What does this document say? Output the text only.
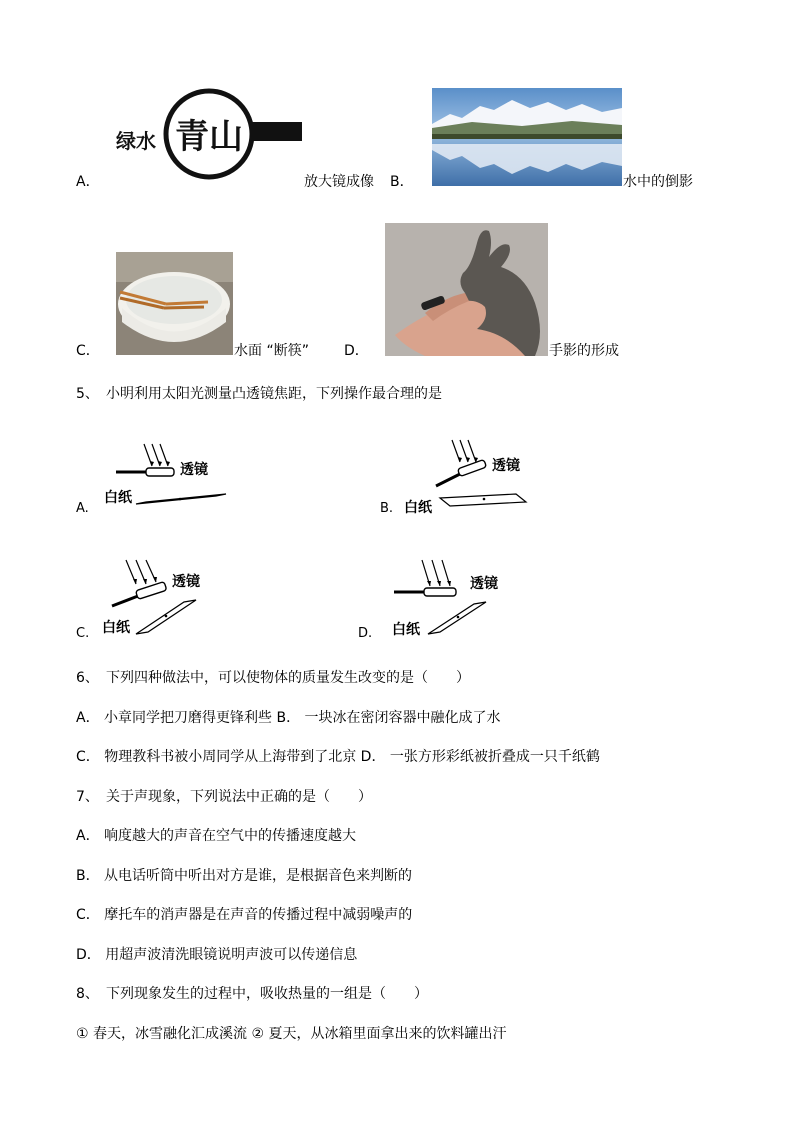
绿水 青山
A．	放大镜成像 B．	水中的倒影
C．	水面 “断筷”	D．	手影的形成
5、 小明利用太阳光测量凸透镜焦距，下列操作最合理的是
A.
透镜
白纸
B.
透镜
白纸
C.
透镜
白纸	D.
透镜
白纸
6、 下列四种做法中，可以使物体的质量发生改变的是（　　）
A． 小章同学把刀磨得更锋利些 B． 一块冰在密闭容器中融化成了水
C． 物理教科书被小周同学从上海带到了北京 D． 一张方形彩纸被折叠成一只千纸鹤
7、 关于声现象，下列说法中正确的是（　　）
A． 响度越大的声音在空气中的传播速度越大
B． 从电话听筒中听出对方是谁，是根据音色来判断的
C． 摩托车的消声器是在声音的传播过程中减弱噪声的
D． 用超声波清洗眼镜说明声波可以传递信息
8、 下列现象发生的过程中，吸收热量的一组是（　　）
① 春天，冰雪融化汇成溪流 ② 夏天，从冰箱里面拿出来的饮料罐出汗
